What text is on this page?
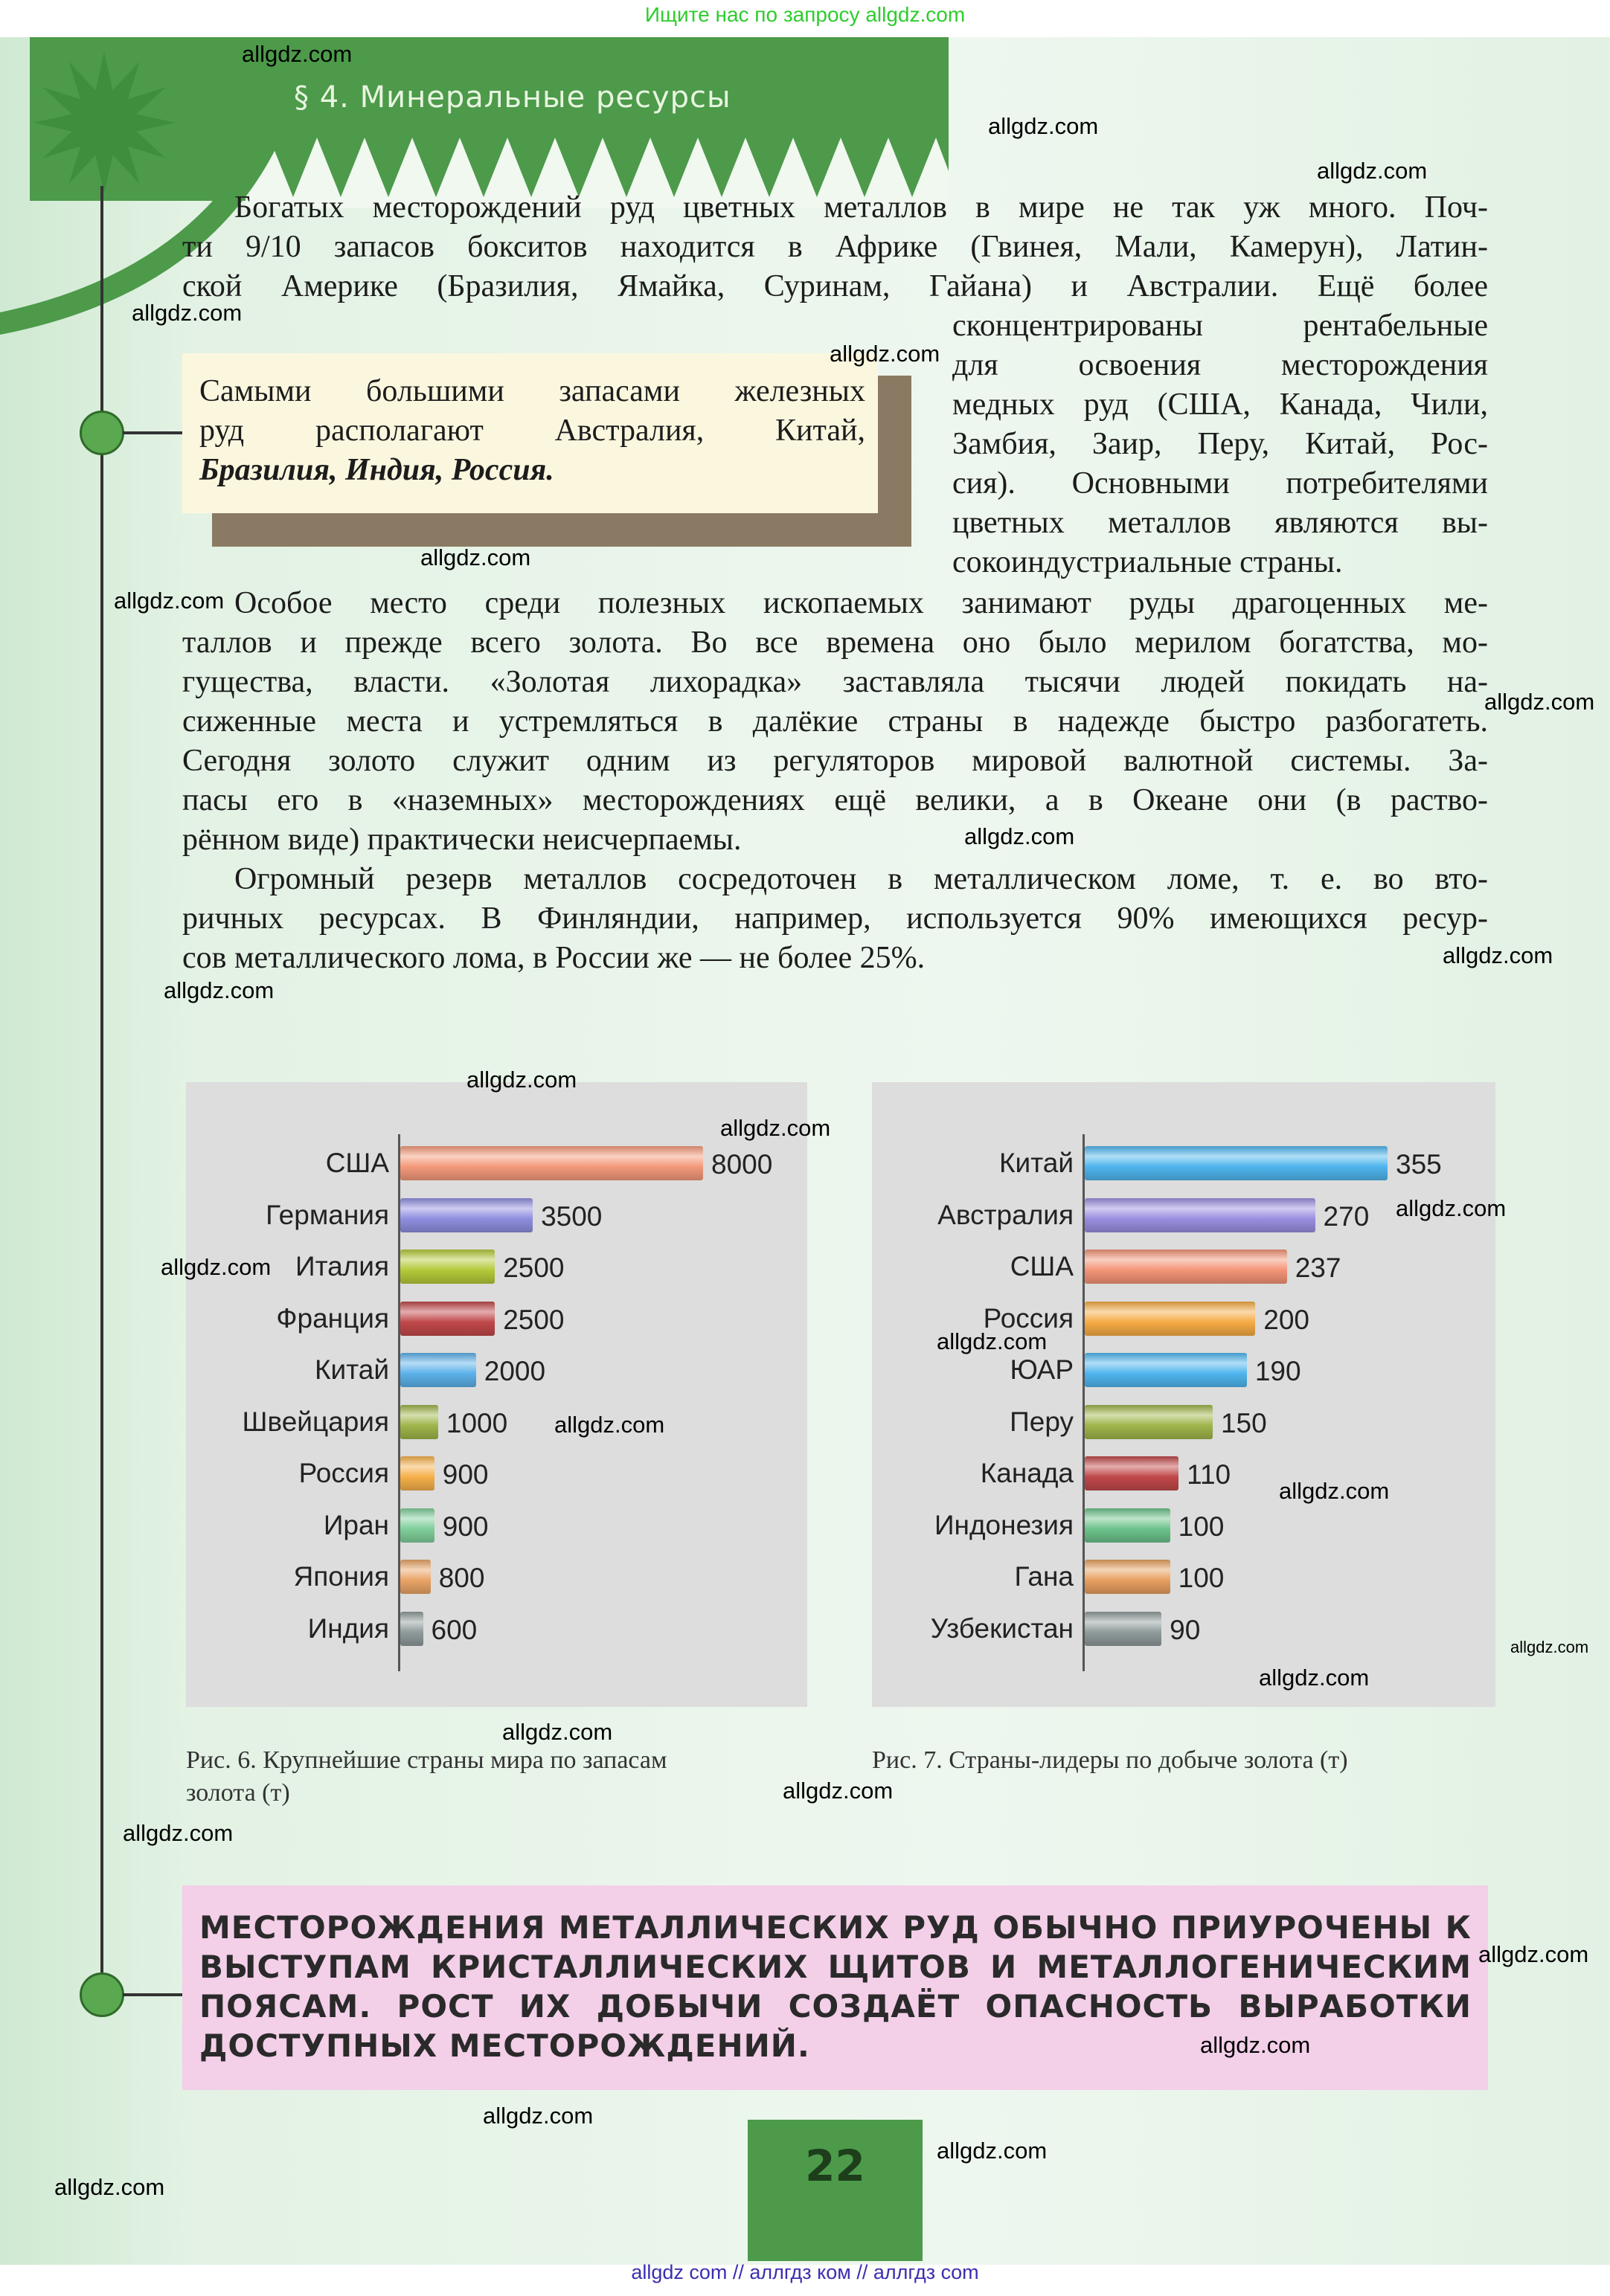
Ищите нас по запросу allgdz.com
§ 4. Минеральные ресурсы
Богатых месторождений руд цветных металлов в мире не так уж много. Поч-
ти 9/10 запасов бокситов находится в Африке (Гвинея, Мали, Камерун), Латин-
ской Америке (Бразилия, Ямайка, Суринам, Гайана) и Австралии. Ещё более
сконцентрированы рентабельные
для освоения месторождения
медных руд (США, Канада, Чили,
Замбия, Заир, Перу, Китай, Рос-
сия). Основными потребителями
цветных металлов являются вы-
сокоиндустриальные страны.
Самыми большими запасами железных
руд располагают Австралия, Китай,
Бразилия, Индия, Россия.
Особое место среди полезных ископаемых занимают руды драгоценных ме-
таллов и прежде всего золота. Во все времена оно было мерилом богатства, мо-
гущества, власти. «Золотая лихорадка» заставляла тысячи людей покидать на-
сиженные места и устремляться в далёкие страны в надежде быстро разбогатеть.
Сегодня золото служит одним из регуляторов мировой валютной системы. За-
пасы его в «наземных» месторождениях ещё велики, а в Океане они (в раство-
рённом виде) практически неисчерпаемы.
Огромный резерв металлов сосредоточен в металлическом ломе, т. е. во вто-
ричных ресурсах. В Финляндии, например, используется 90% имеющихся ресур-
сов металлического лома, в России же — не более 25%.
США	8000
Германия	3500
Италия	2500
Франция	2500
Китай	2000
Швейцария 1000
Россия 900
Иран 900
Япония 800
Индия 600
Китай	355
Австралия	270
США	237
Россия	200
ЮАР	190
Перу	150
Канада	110
Индонезия	100
Гана	100
Узбекистан	90
Рис. 6. Крупнейшие страны мира по запасам
золота (т)
Рис. 7. Страны-лидеры по добыче золота (т)
МЕСТОРОЖДЕНИЯ МЕТАЛЛИЧЕСКИХ РУД ОБЫЧНО ПРИУРОЧЕНЫ К
ВЫСТУПАМ КРИСТАЛЛИЧЕСКИХ ЩИТОВ И МЕТАЛЛОГЕНИЧЕСКИМ
ПОЯСАМ. РОСТ ИХ ДОБЫЧИ СОЗДАЁТ ОПАСНОСТЬ ВЫРАБОТКИ
ДОСТУПНЫХ МЕСТОРОЖДЕНИЙ.
22
allgdz com // аллгдз ком // аллгдз com
allgdz.com
allgdz.com
allgdz.com
allgdz.com
allgdz.com
allgdz.com
allgdz.com
allgdz.com
allgdz.com
allgdz.com
allgdz.com
allgdz.com
allgdz.com
allgdz.com
allgdz.com
allgdz.com
allgdz.com
allgdz.com
allgdz.com
allgdz.com
allgdz.com
allgdz.com
allgdz.com
allgdz.com
allgdz.com
allgdz.com
allgdz.com
allgdz.com
